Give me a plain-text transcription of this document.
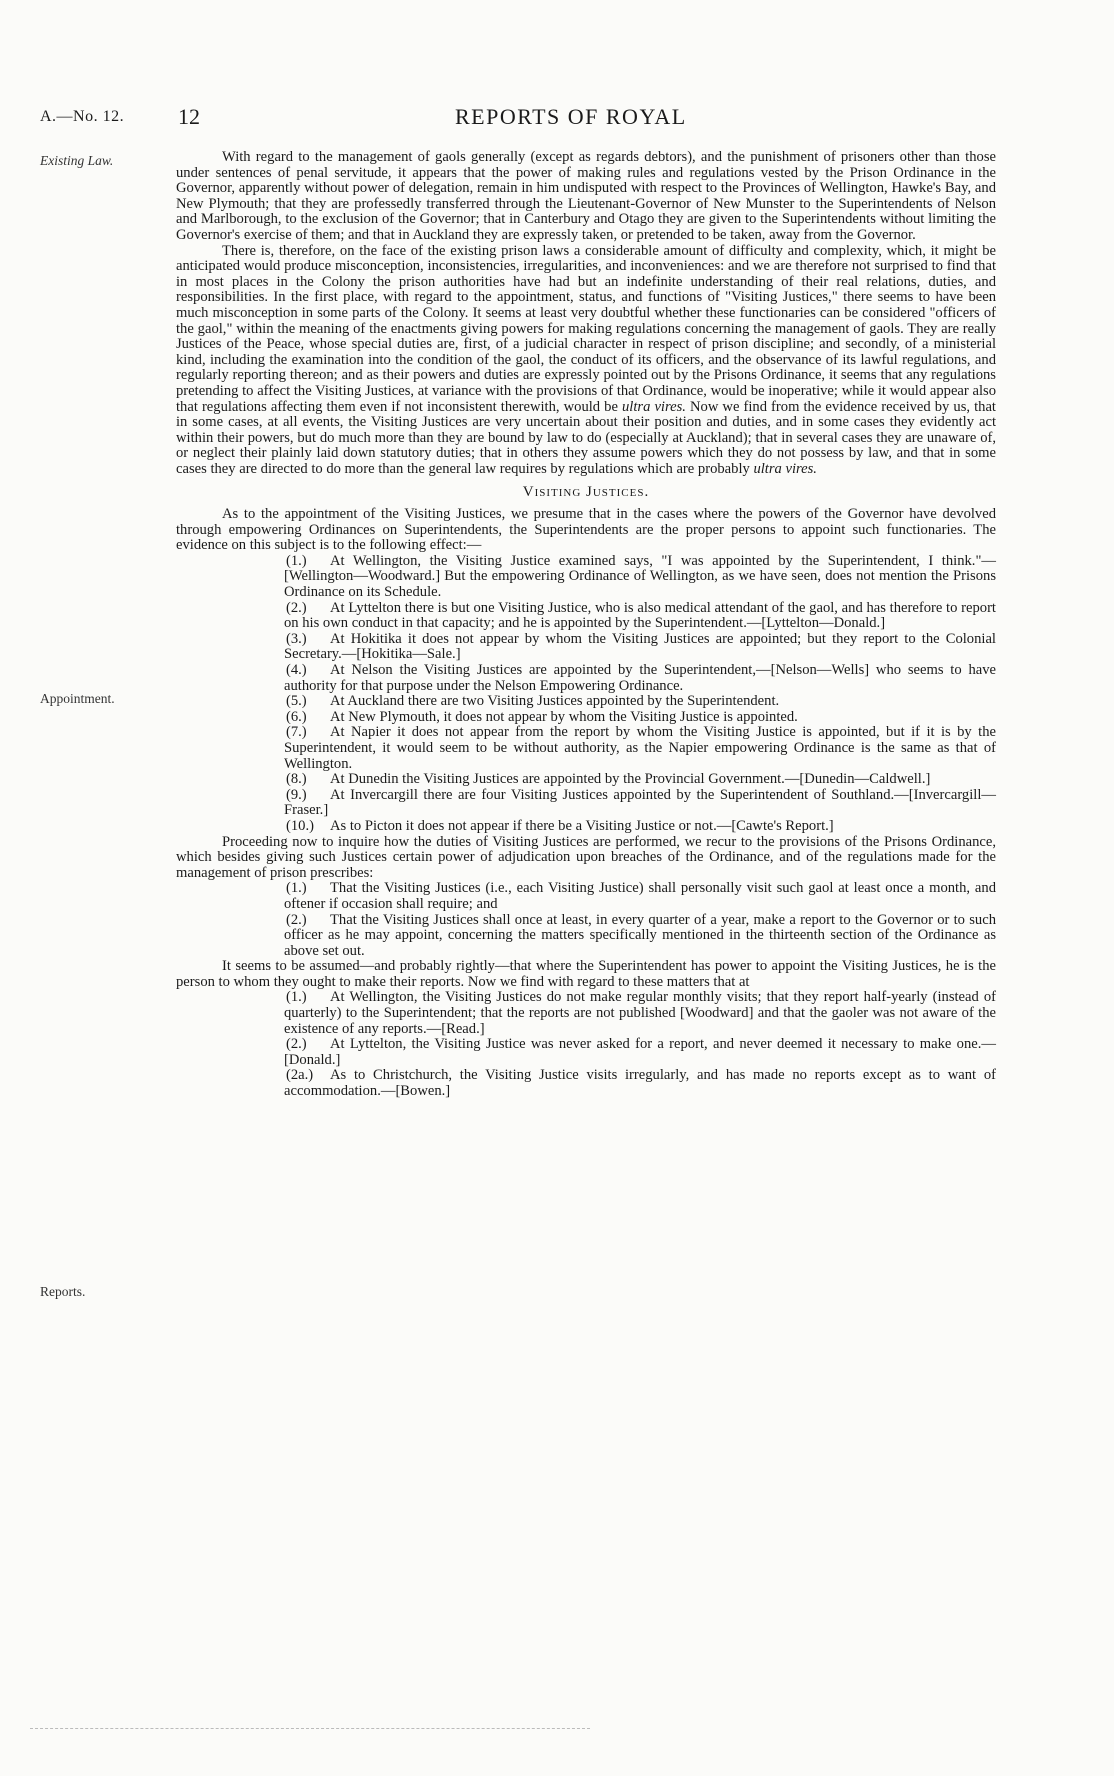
A.—No. 12. 12	REPORTS OF ROYAL
Existing Law.
Appointment.
Reports.

With regard to the management of gaols generally (except as regards debtors), and the punishment of prisoners other than those under sentences of penal servitude, it appears that the power of making rules and regulations vested by the Prison Ordinance in the Governor, apparently without power of delegation, remain in him undisputed with respect to the Provinces of Wellington, Hawke's Bay, and New Plymouth; that they are professedly transferred through the Lieutenant-Governor of New Munster to the Superintendents of Nelson and Marlborough, to the exclusion of the Governor; that in Canterbury and Otago they are given to the Superintendents without limiting the Governor's exercise of them; and that in Auckland they are expressly taken, or pretended to be taken, away from the Governor.

There is, therefore, on the face of the existing prison laws a considerable amount of difficulty and complexity, which, it might be anticipated would produce misconception, inconsistencies, irregularities, and inconveniences: and we are therefore not surprised to find that in most places in the Colony the prison authorities have had but an indefinite understanding of their real relations, duties, and responsibilities. In the first place, with regard to the appointment, status, and functions of "Visiting Justices," there seems to have been much misconception in some parts of the Colony. It seems at least very doubtful whether these functionaries can be considered "officers of the gaol," within the meaning of the enactments giving powers for making regulations concerning the management of gaols. They are really Justices of the Peace, whose special duties are, first, of a judicial character in respect of prison discipline; and secondly, of a ministerial kind, including the examination into the condition of the gaol, the conduct of its officers, and the observance of its lawful regulations, and regularly reporting thereon; and as their powers and duties are expressly pointed out by the Prisons Ordinance, it seems that any regulations pretending to affect the Visiting Justices, at variance with the provisions of that Ordinance, would be inoperative; while it would appear also that regulations affecting them even if not inconsistent therewith, would be ultra vires. Now we find from the evidence received by us, that in some cases, at all events, the Visiting Justices are very uncertain about their position and duties, and in some cases they evidently act within their powers, but do much more than they are bound by law to do (especially at Auckland); that in several cases they are unaware of, or neglect their plainly laid down statutory duties; that in others they assume powers which they do not possess by law, and that in some cases they are directed to do more than the general law requires by regulations which are probably ultra vires.

Visiting Justices.

As to the appointment of the Visiting Justices, we presume that in the cases where the powers of the Governor have devolved through empowering Ordinances on Superintendents, the Superintendents are the proper persons to appoint such functionaries. The evidence on this subject is to the following effect:—

(1.) At Wellington, the Visiting Justice examined says, "I was appointed by the Superintendent, I think."—[Wellington—Woodward.] But the empowering Ordinance of Wellington, as we have seen, does not mention the Prisons Ordinance on its Schedule.

(2.) At Lyttelton there is but one Visiting Justice, who is also medical attendant of the gaol, and has therefore to report on his own conduct in that capacity; and he is appointed by the Superintendent.—[Lyttelton—Donald.]

(3.) At Hokitika it does not appear by whom the Visiting Justices are appointed; but they report to the Colonial Secretary.—[Hokitika—Sale.]

(4.) At Nelson the Visiting Justices are appointed by the Superintendent,—[Nelson—Wells] who seems to have authority for that purpose under the Nelson Empowering Ordinance.

(5.) At Auckland there are two Visiting Justices appointed by the Superintendent.

(6.) At New Plymouth, it does not appear by whom the Visiting Justice is appointed.

(7.) At Napier it does not appear from the report by whom the Visiting Justice is appointed, but if it is by the Superintendent, it would seem to be without authority, as the Napier empowering Ordinance is the same as that of Wellington.

(8.) At Dunedin the Visiting Justices are appointed by the Provincial Government.—[Dunedin—Caldwell.]

(9.) At Invercargill there are four Visiting Justices appointed by the Superintendent of Southland.—[Invercargill—Fraser.]

(10.) As to Picton it does not appear if there be a Visiting Justice or not.—[Cawte's Report.]

Proceeding now to inquire how the duties of Visiting Justices are performed, we recur to the provisions of the Prisons Ordinance, which besides giving such Justices certain power of adjudication upon breaches of the Ordinance, and of the regulations made for the management of prison prescribes:

(1.) That the Visiting Justices (i.e., each Visiting Justice) shall personally visit such gaol at least once a month, and oftener if occasion shall require; and

(2.) That the Visiting Justices shall once at least, in every quarter of a year, make a report to the Governor or to such officer as he may appoint, concerning the matters specifically mentioned in the thirteenth section of the Ordinance as above set out.

It seems to be assumed—and probably rightly—that where the Superintendent has power to appoint the Visiting Justices, he is the person to whom they ought to make their reports. Now we find with regard to these matters that at

(1.) At Wellington, the Visiting Justices do not make regular monthly visits; that they report half-yearly (instead of quarterly) to the Superintendent; that the reports are not published [Woodward] and that the gaoler was not aware of the existence of any reports.—[Read.]

(2.) At Lyttelton, the Visiting Justice was never asked for a report, and never deemed it necessary to make one.—[Donald.]

(2a.) As to Christchurch, the Visiting Justice visits irregularly, and has made no reports except as to want of accommodation.—[Bowen.]
